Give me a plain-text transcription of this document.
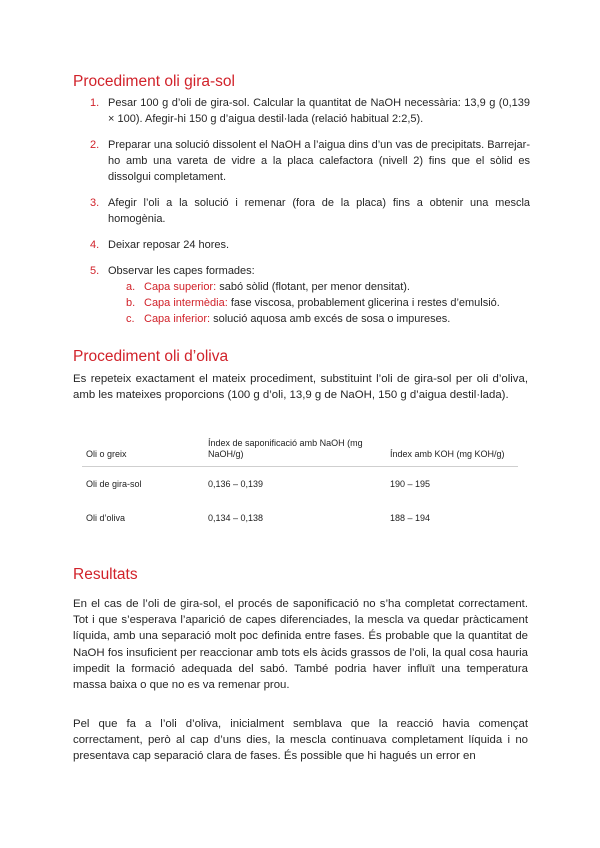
Procediment oli gira-sol
1. Pesar 100 g d’oli de gira-sol. Calcular la quantitat de NaOH necessària: 13,9 g (0,139 × 100). Afegir-hi 150 g d’aigua destil·lada (relació habitual 2:2,5).
2. Preparar una solució dissolent el NaOH a l’aigua dins d’un vas de precipitats. Barrejar-ho amb una vareta de vidre a la placa calefactora (nivell 2) fins que el sòlid es dissolgui completament.
3. Afegir l’oli a la solució i remenar (fora de la placa) fins a obtenir una mescla homogènia.
4. Deixar reposar 24 hores.
5. Observar les capes formades:
a. Capa superior: sabó sòlid (flotant, per menor densitat).
b. Capa intermèdia: fase viscosa, probablement glicerina i restes d’emulsió.
c. Capa inferior: solució aquosa amb excés de sosa o impureses.
Procediment oli d’oliva

Es repeteix exactament el mateix procediment, substituint l’oli de gira-sol per oli d’oliva, amb les mateixes proporcions (100 g d’oli, 13,9 g de NaOH, 150 g d’aigua destil·lada).

Oli o greix	Índex de saponificació amb NaOH (mg NaOH/g)	Índex amb KOH (mg KOH/g)
Oli de gira-sol	0,136 – 0,139	190 – 195
Oli d’oliva	0,134 – 0,138	188 – 194
Resultats

En el cas de l’oli de gira-sol, el procés de saponificació no s’ha completat correctament. Tot i que s’esperava l’aparició de capes diferenciades, la mescla va quedar pràcticament líquida, amb una separació molt poc definida entre fases. És probable que la quantitat de NaOH fos insuficient per reaccionar amb tots els àcids grassos de l’oli, la qual cosa hauria impedit la formació adequada del sabó. També podria haver influït una temperatura massa baixa o que no es va remenar prou.

Pel que fa a l’oli d’oliva, inicialment semblava que la reacció havia començat correctament, però al cap d’uns dies, la mescla continuava completament líquida i no presentava cap separació clara de fases. És possible que hi hagués un error en
